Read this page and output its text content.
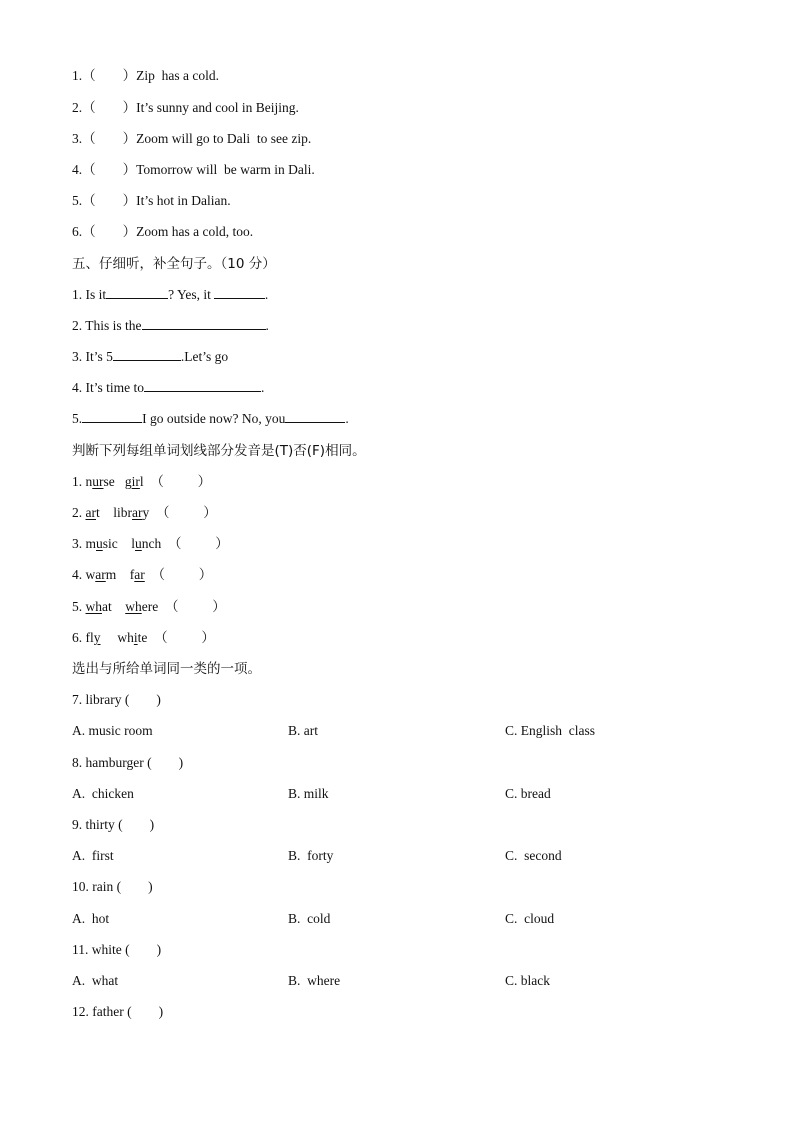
1.（        ）Zip  has a cold.
2.（        ）It’s sunny and cool in Beijing.
3.（        ）Zoom will go to Dali  to see zip.
4.（        ）Tomorrow will  be warm in Dali.
5.（        ）It’s hot in Dalian.
6.（        ）Zoom has a cold, too.
五、仔细听，补全句子。（10 分）
1. Is it	? Yes, it	.
2. This is the	.
3. It’s 5	.Let’s go
4. It’s time to	.
5.	I go outside now? No, you	.
判断下列每组单词划线部分发音是(T)否(F)相同。
1. nurse girl （          ）
2. art library （          ）
3. music lunch （          ）
4. warm far （          ）
5. what where （          ）
6. fly white （          ）
选出与所给单词同一类的一项。
7. library (        )
A. music room	B. art	C. English  class
8. hamburger (        )
A.  chicken	B. milk	C. bread
9. thirty (        )
A.  first	B.  forty	C.  second
10. rain (        )
A.  hot	B.  cold	C.  cloud
11. white (        )
A.  what	B.  where	C. black
12. father (        )
